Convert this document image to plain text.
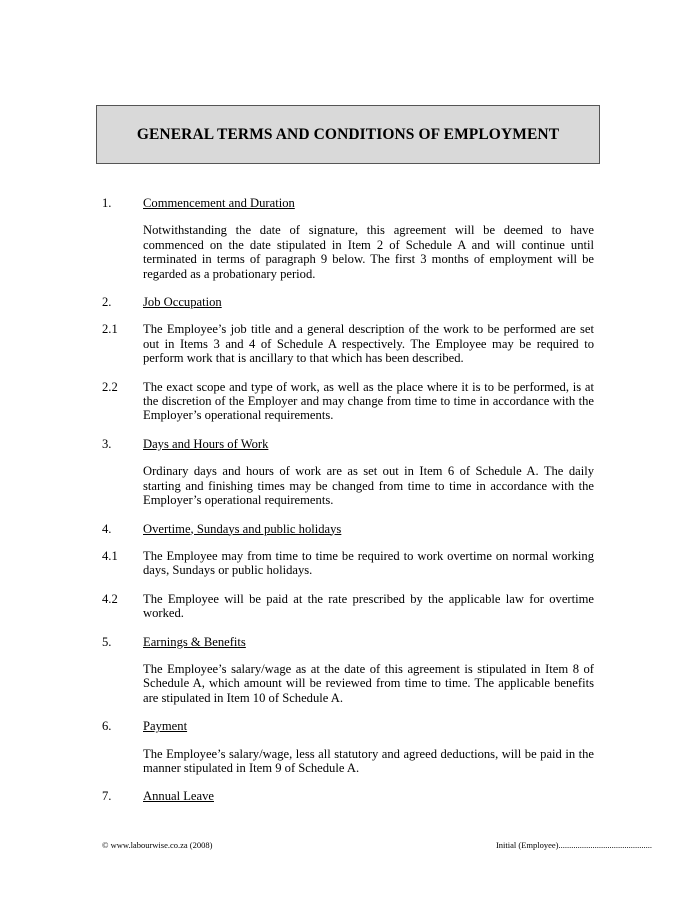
GENERAL TERMS AND CONDITIONS OF EMPLOYMENT
1.	Commencement and Duration
Notwithstanding the date of signature, this agreement will be deemed to have commenced on the date stipulated in Item 2 of Schedule A and will continue until terminated in terms of paragraph 9 below. The first 3 months of employment will be regarded as a probationary period.
2.	Job Occupation
2.1 The Employee’s job title and a general description of the work to be performed are set out in Items 3 and 4 of Schedule A respectively. The Employee may be required to perform work that is ancillary to that which has been described.
2.2 The exact scope and type of work, as well as the place where it is to be performed, is at the discretion of the Employer and may change from time to time in accordance with the Employer’s operational requirements.
3.	Days and Hours of Work
Ordinary days and hours of work are as set out in Item 6 of Schedule A. The daily starting and finishing times may be changed from time to time in accordance with the Employer’s operational requirements.
4.	Overtime, Sundays and public holidays
4.1 The Employee may from time to time be required to work overtime on normal working days, Sundays or public holidays.
4.2 The Employee will be paid at the rate prescribed by the applicable law for overtime worked.
5.	Earnings & Benefits
The Employee’s salary/wage as at the date of this agreement is stipulated in Item 8 of Schedule A, which amount will be reviewed from time to time. The applicable benefits are stipulated in Item 10 of Schedule A.
6.	Payment
The Employee’s salary/wage, less all statutory and agreed deductions, will be paid in the manner stipulated in Item 9 of Schedule A.
7.	Annual Leave
© www.labourwise.co.za (2008)	Initial (Employee)............................................
